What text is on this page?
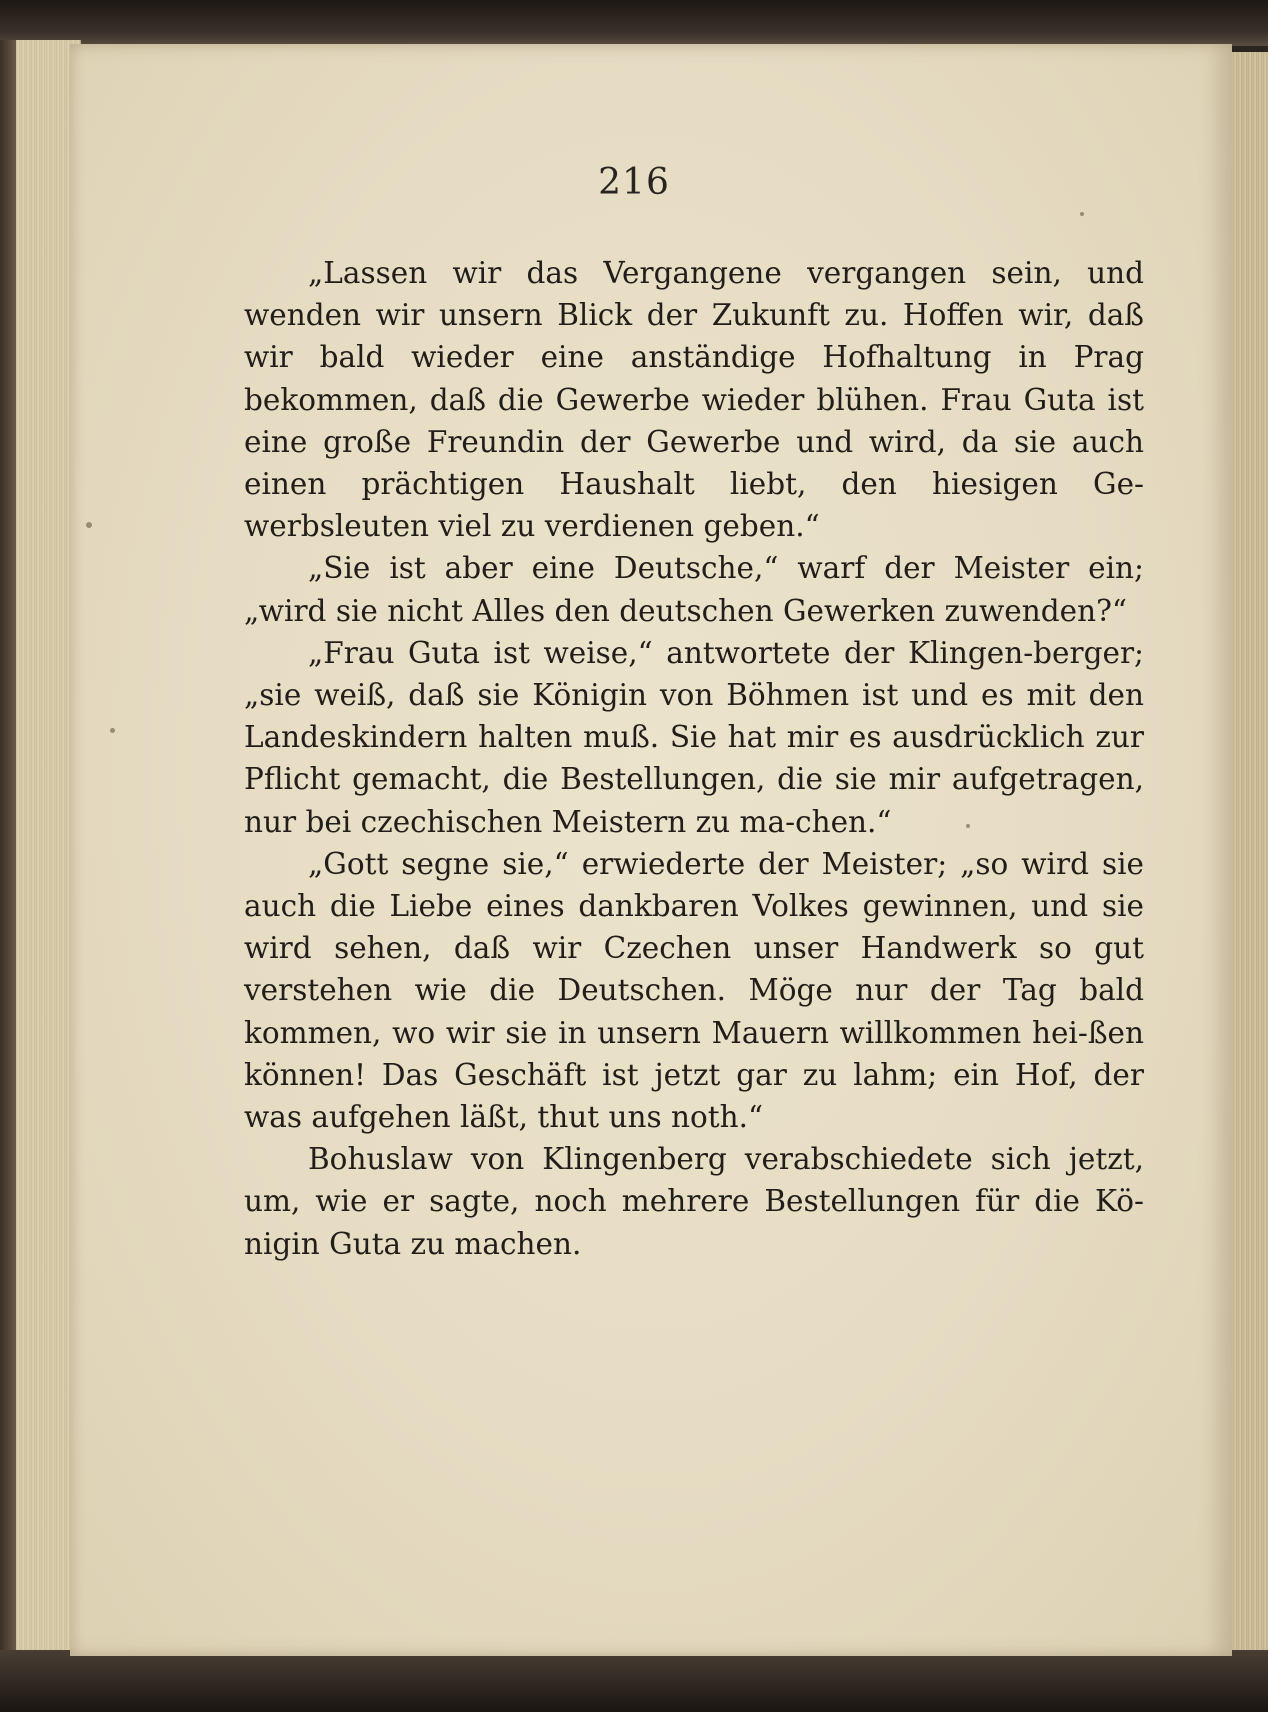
216

„Lassen wir das Vergangene vergangen sein, und wenden wir unsern Blick der Zukunft zu. Hoffen wir, daß wir bald wieder eine anständige Hofhaltung in Prag bekommen, daß die Gewerbe wieder blühen. Frau Guta ist eine große Freundin der Gewerbe und wird, da sie auch einen prächtigen Haushalt liebt, den hiesigen Ge-werbsleuten viel zu verdienen geben.“

„Sie ist aber eine Deutsche,“ warf der Meister ein; „wird sie nicht Alles den deutschen Gewerken zuwenden?“

„Frau Guta ist weise,“ antwortete der Klingen-berger; „sie weiß, daß sie Königin von Böhmen ist und es mit den Landeskindern halten muß. Sie hat mir es ausdrücklich zur Pflicht gemacht, die Bestellungen, die sie mir aufgetragen, nur bei czechischen Meistern zu ma-chen.“

„Gott segne sie,“ erwiederte der Meister; „so wird sie auch die Liebe eines dankbaren Volkes gewinnen, und sie wird sehen, daß wir Czechen unser Handwerk so gut verstehen wie die Deutschen. Möge nur der Tag bald kommen, wo wir sie in unsern Mauern willkommen hei-ßen können! Das Geschäft ist jetzt gar zu lahm; ein Hof, der was aufgehen läßt, thut uns noth.“

Bohuslaw von Klingenberg verabschiedete sich jetzt, um, wie er sagte, noch mehrere Bestellungen für die Kö-nigin Guta zu machen.
